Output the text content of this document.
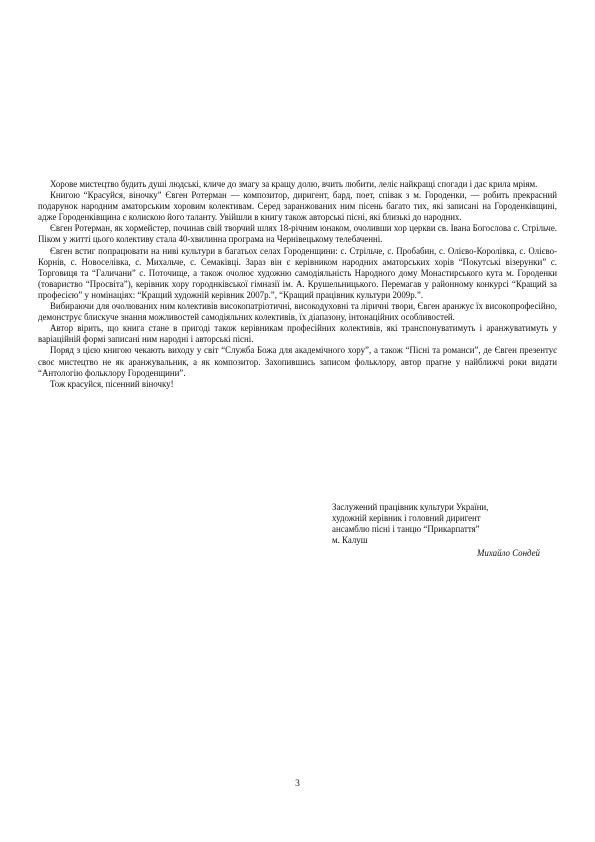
Хорове мистецтво будить душі людські, кличе до змагу за кращу долю, вчить любити, леліє найкращі спогади і дає крила мріям.

Книгою “Красуйся, віночку” Євген Ротерман — композитор, диригент, бард, поет, співак з м. Городенки, — робить прекрасний подарунок народним аматорським хоровим колективам. Серед заранжованих ним пісень багато тих, які записані на Городенківщині, адже Городенківщина є колискою його таланту. Увійшли в книгу також авторські пісні, які близькі до народних.

Євген Ротерман, як хормейстер, починав свій творчий шлях 18-річним юнаком, очоливши хор церкви св. Івана Богослова с. Стрільче. Піком у житті цього колективу стала 40-хвилинна програма на Чернівецькому телебаченні.

Євген встиг попрацювати на ниві культури в багатьох селах Городенщини: с. Стрільче, с. Пробабин, с. Олієво-Королівка, с. Олієво-Корнів, с. Новоселівка, с. Михальче, с. Семаківці. Зараз він є керівником народних аматорських хорів “Покутські візерунки” с. Торговиця та “Галичани” с. Поточище, а також очолює художню самодіяльність Народного дому Монастирського кута м. Городенки (товариство “Просвіта”), керівник хору городнківської гімназії ім. А. Крушельницького. Перемагав у районному конкурсі “Кращий за професією” у номінаціях: “Кращий художній керівник 2007р.”, “Кращий працівник культури 2009р.”.

Вибираючи для очолюваних ним колективів високопатріотичні, високодуховні та ліричні твори, Євген аранжує їх високопрофесійно, демонструє блискуче знання можливостей самодіяльних колективів, їх діапазону, інтонаційних особливостей.

Автор вірить, що книга стане в пригоді також керівникам професійних колективів, які транспонуватимуть і аранжуватимуть у варіаційній формі записані ним народні і авторські пісні.

Поряд з цією книгою чекають виходу у світ “Служба Божа для академічного хору”, а також “Пісні та романси”, де Євген презентує своє мистецтво не як аранжувальник, а як композитор. Захопившись записом фольклору, автор прагне у найближчі роки видати “Антологію фольклору Городенщини”.

Тож красуйся, пісенний віночку!

Заслужений працівник культури України,
художній керівник і головний диригент
ансамблю пісні і танцю “Прикарпаття”
м. Калуш
Михайло Сондей
3
